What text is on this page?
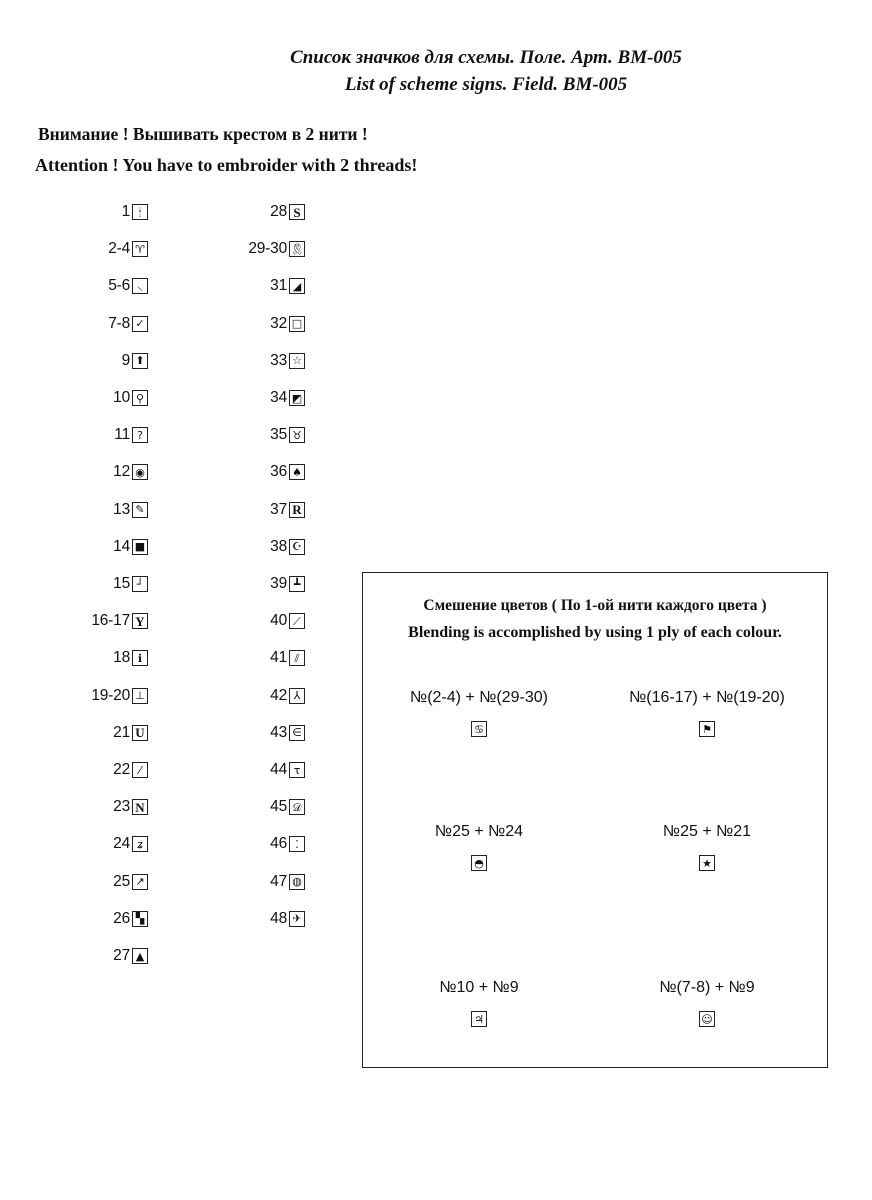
Список значков для схемы. Поле. Арт. ВМ-005
List of scheme signs. Field. BM-005
Внимание ! Вышивать крестом в 2 нити !
Attention ! You have to embroider with 2 threads!
1 🕯
2-4 ♈
5-6 ⸜
7-8 ✓
9 ⬆
10 ⚲
11 ?
12 ◉
13 ✎
14 ■
15 ┘
16-17 Y
18 ℹ
19-20 ⊥
21 U
22 ⁄
23 N
24 ʑ
25 ↗
26 ▚
27 ▲
28 S
29-30 🎗
31 ◢
32 □
33 ☆
34 ◩
35 ♉
36 ♠
37 R
38 ☪
39 ┻
40 ⟋
41 ⫽
42 ⅄
43 ∈
44 τ
45 𝒟
46 ⁚
47 ◍
48 ✈
Смешение цветов ( По 1-ой нити каждого цвета )
Blending is accomplished by using 1 ply of each colour.
№(2-4) + №(29-30)
♋
№(16-17) + №(19-20)
⚑
№25 + №24
◓
№25 + №21
★
№10 + №9
♃
№(7-8) + №9
☺
